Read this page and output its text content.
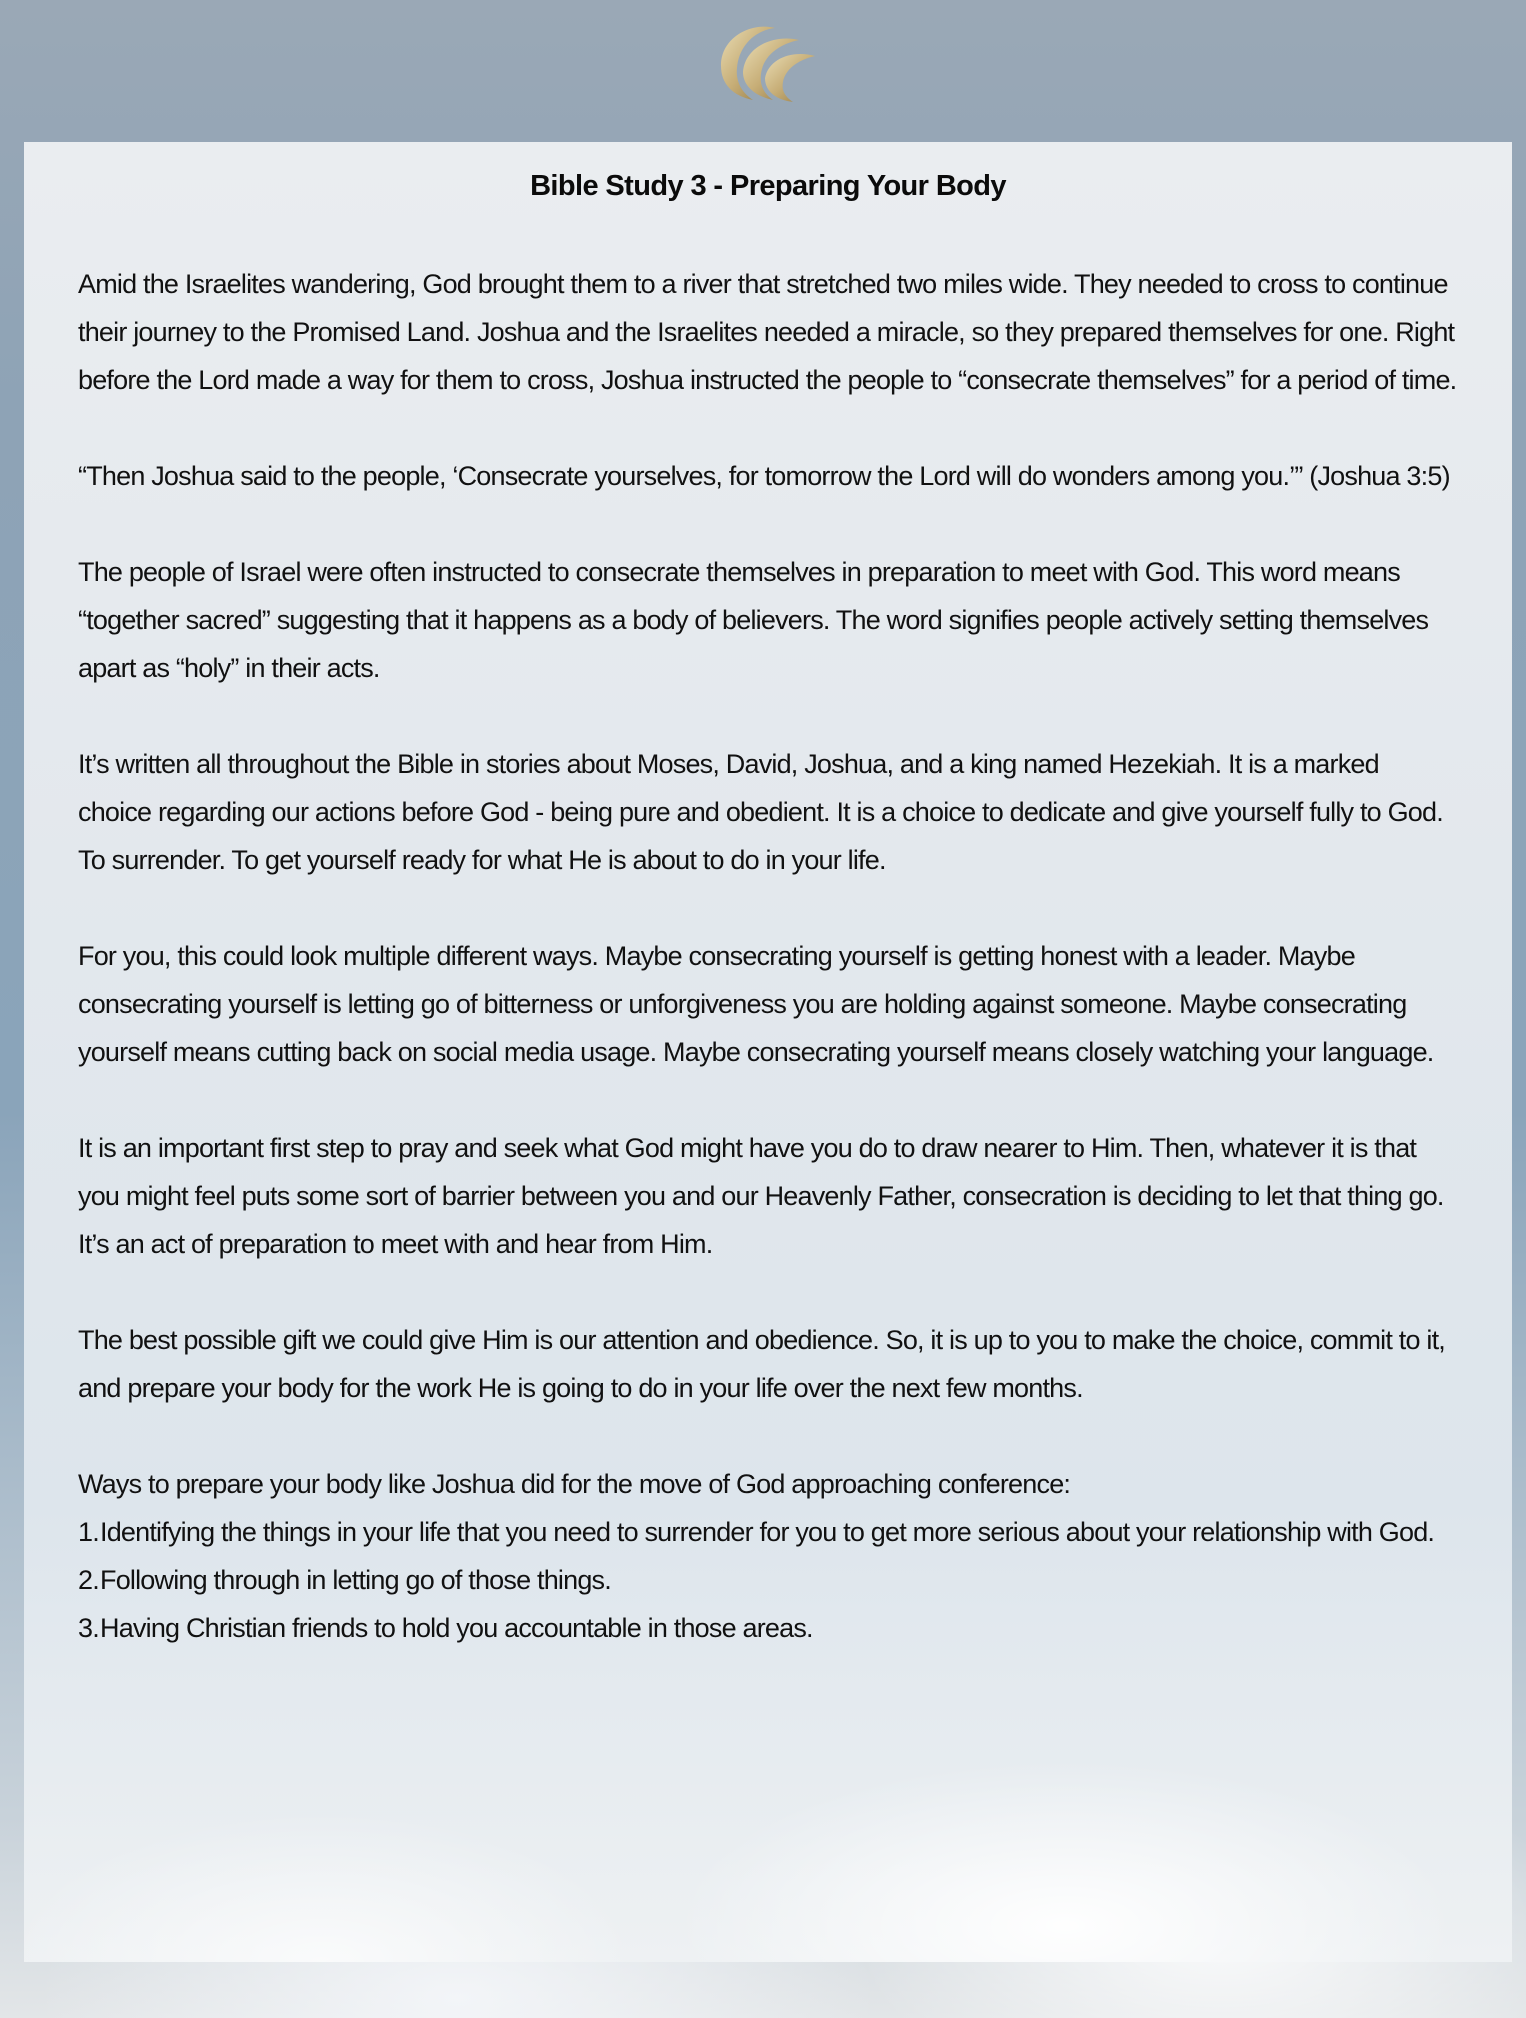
Bible Study 3 - Preparing Your Body

Amid the Israelites wandering, God brought them to a river that stretched two miles wide. They needed to cross to continue their journey to the Promised Land. Joshua and the Israelites needed a miracle, so they prepared themselves for one. Right before the Lord made a way for them to cross, Joshua instructed the people to “consecrate themselves” for a period of time.

“Then Joshua said to the people, ‘Consecrate yourselves, for tomorrow the Lord will do wonders among you.’” (Joshua 3:5)

The people of Israel were often instructed to consecrate themselves in preparation to meet with God. This word means “together sacred” suggesting that it happens as a body of believers. The word signifies people actively setting themselves apart as “holy” in their acts.

It’s written all throughout the Bible in stories about Moses, David, Joshua, and a king named Hezekiah. It is a marked choice regarding our actions before God - being pure and obedient. It is a choice to dedicate and give yourself fully to God. To surrender. To get yourself ready for what He is about to do in your life.

For you, this could look multiple different ways. Maybe consecrating yourself is getting honest with a leader. Maybe consecrating yourself is letting go of bitterness or unforgiveness you are holding against someone. Maybe consecrating yourself means cutting back on social media usage. Maybe consecrating yourself means closely watching your language.

It is an important first step to pray and seek what God might have you do to draw nearer to Him. Then, whatever it is that you might feel puts some sort of barrier between you and our Heavenly Father, consecration is deciding to let that thing go. It’s an act of preparation to meet with and hear from Him.

The best possible gift we could give Him is our attention and obedience. So, it is up to you to make the choice, commit to it, and prepare your body for the work He is going to do in your life over the next few months.

Ways to prepare your body like Joshua did for the move of God approaching conference:

1. Identifying the things in your life that you need to surrender for you to get more serious about your relationship with God.
2. Following through in letting go of those things.
3. Having Christian friends to hold you accountable in those areas.
